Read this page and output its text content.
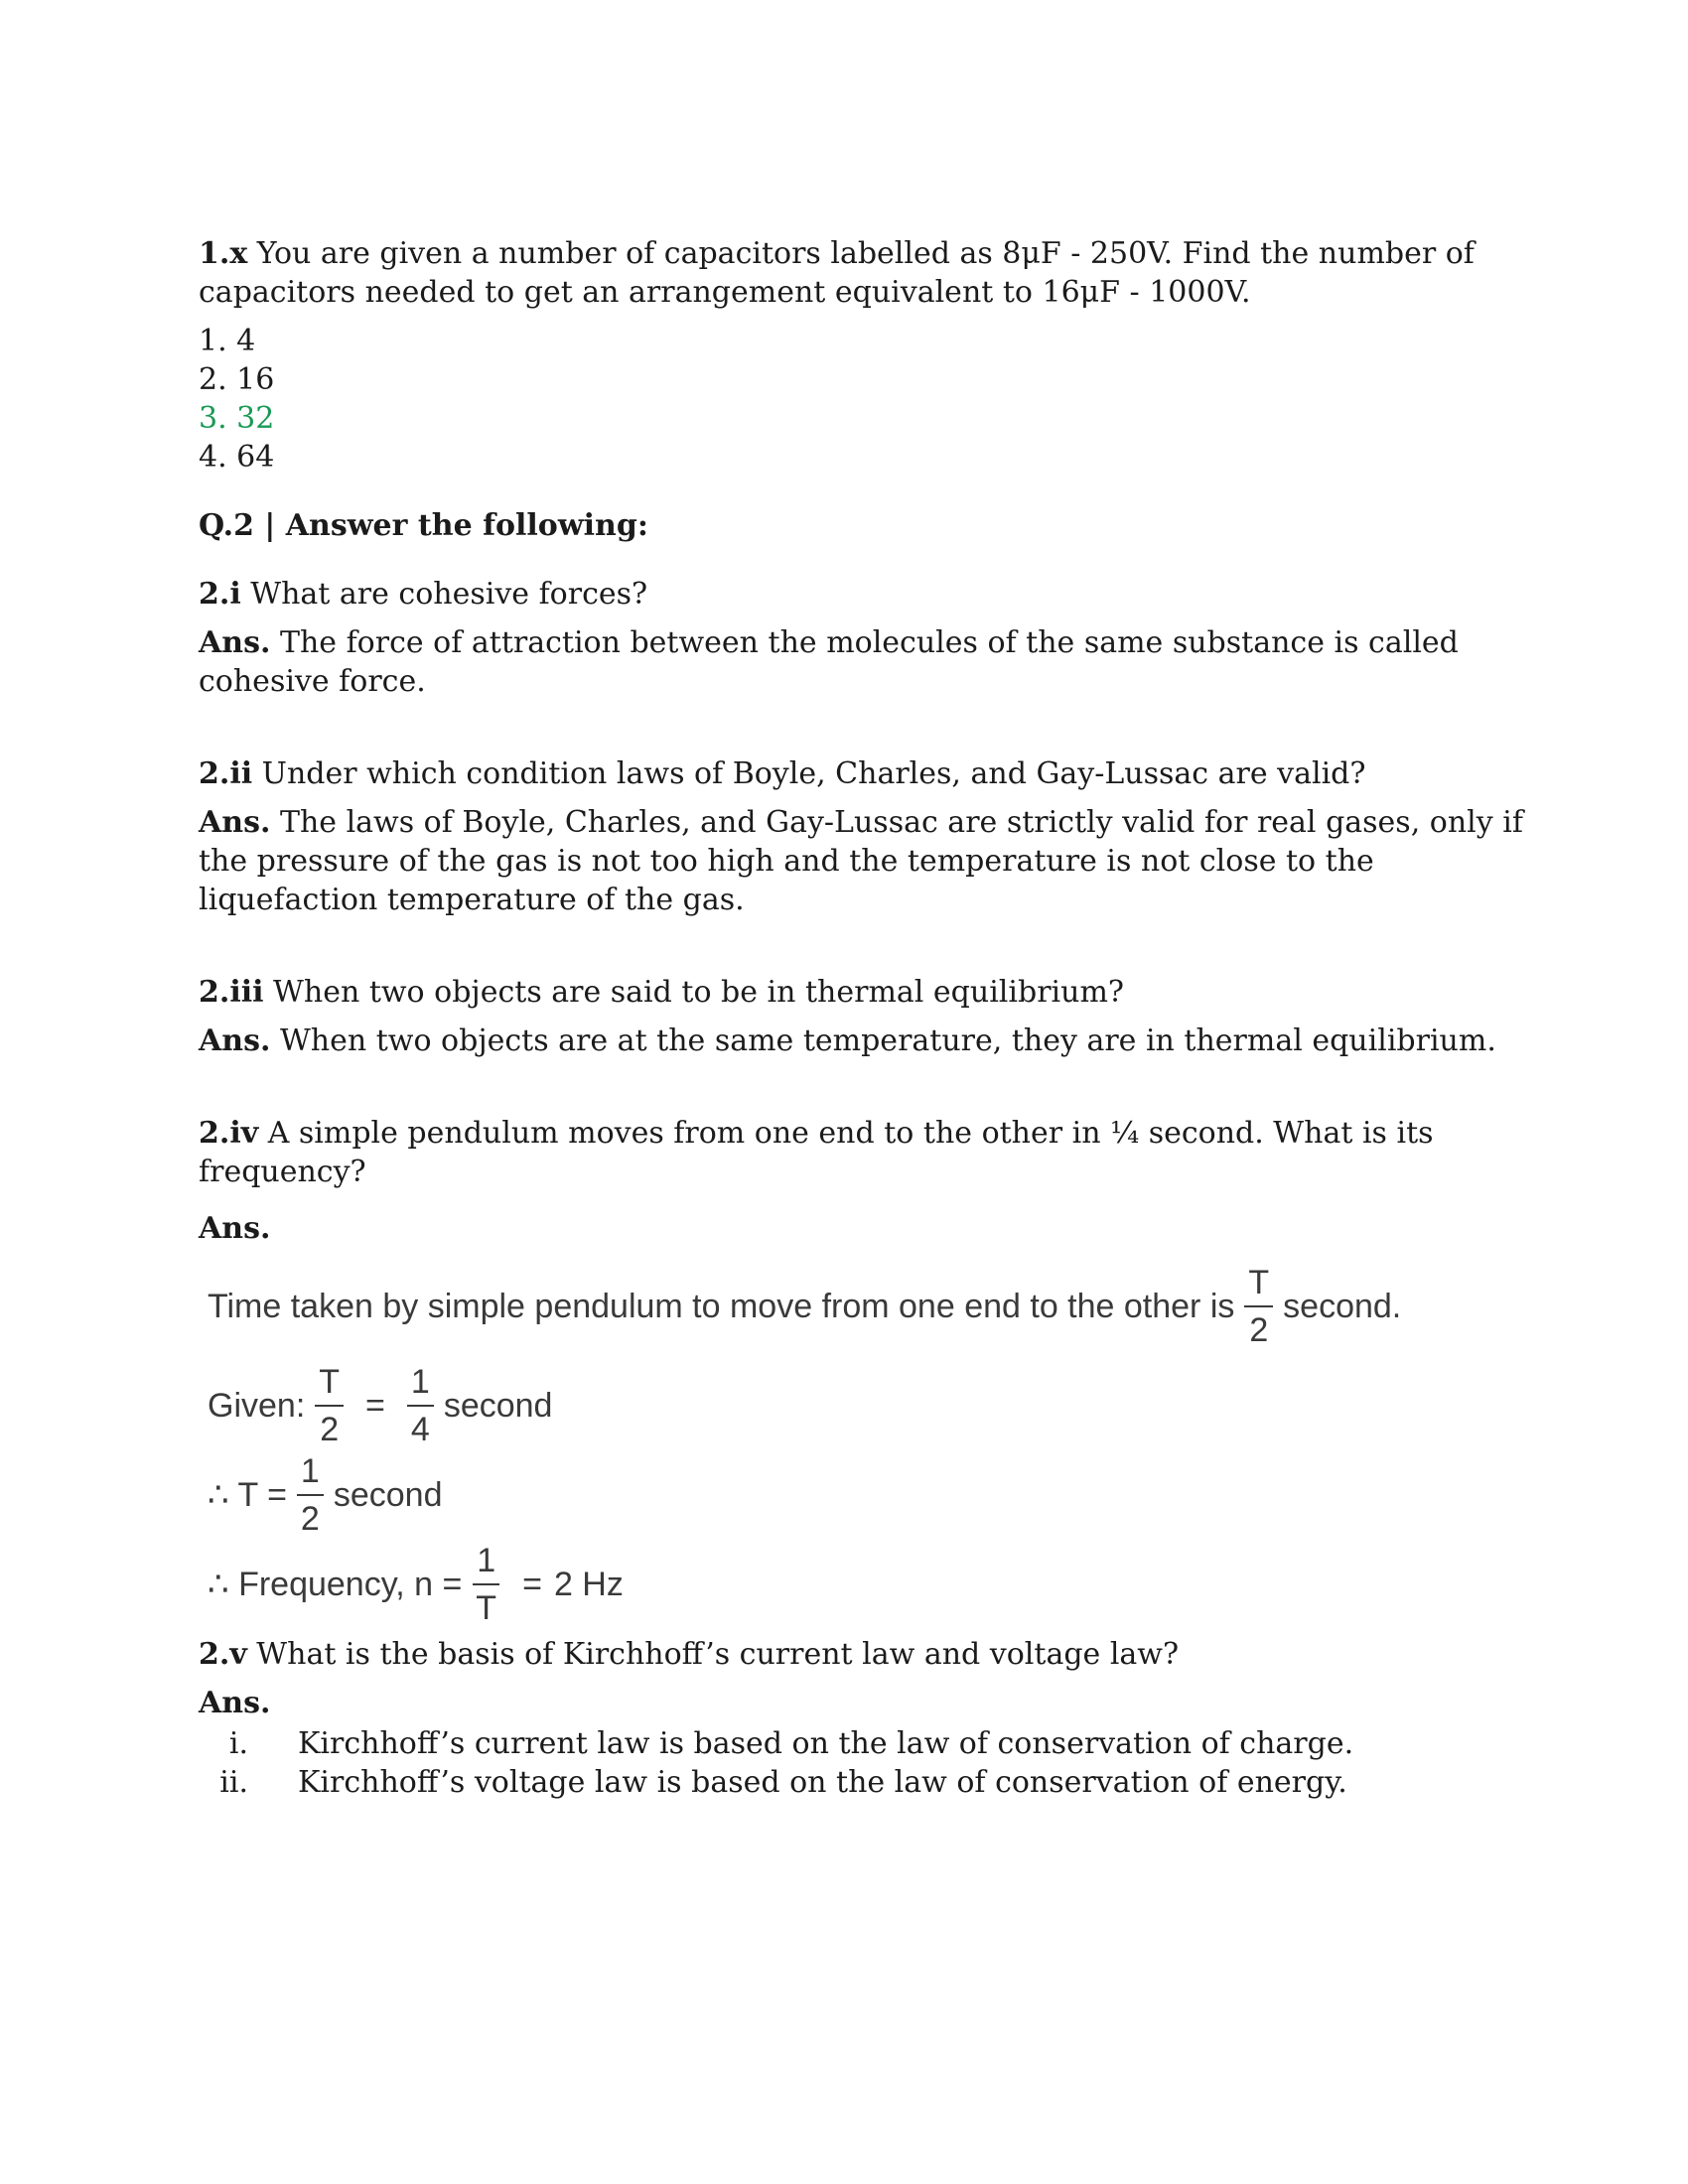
1.x You are given a number of capacitors labelled as 8μF - 250V. Find the number of capacitors needed to get an arrangement equivalent to 16μF - 1000V.

1. 4
2. 16
3. 32
4. 64

Q.2 | Answer the following:

2.i What are cohesive forces?

Ans. The force of attraction between the molecules of the same substance is called cohesive force.

2.ii Under which condition laws of Boyle, Charles, and Gay-Lussac are valid?

Ans. The laws of Boyle, Charles, and Gay-Lussac are strictly valid for real gases, only if the pressure of the gas is not too high and the temperature is not close to the liquefaction temperature of the gas.

2.iii When two objects are said to be in thermal equilibrium?

Ans. When two objects are at the same temperature, they are in thermal equilibrium.

2.iv A simple pendulum moves from one end to the other in ¼ second. What is its frequency?

Ans.

Time taken by simple pendulum to move from one end to the other is $\frac{T}{2}$ second.
Given: $\frac{T}{2} = \frac{1}{4}$ second
∴ $T = \frac{1}{2}$ second
∴ Frequency, $n = \frac{1}{T} = 2$ Hz

2.v What is the basis of Kirchhoff’s current law and voltage law?

Ans.

i. Kirchhoff’s current law is based on the law of conservation of charge.
ii. Kirchhoff’s voltage law is based on the law of conservation of energy.
